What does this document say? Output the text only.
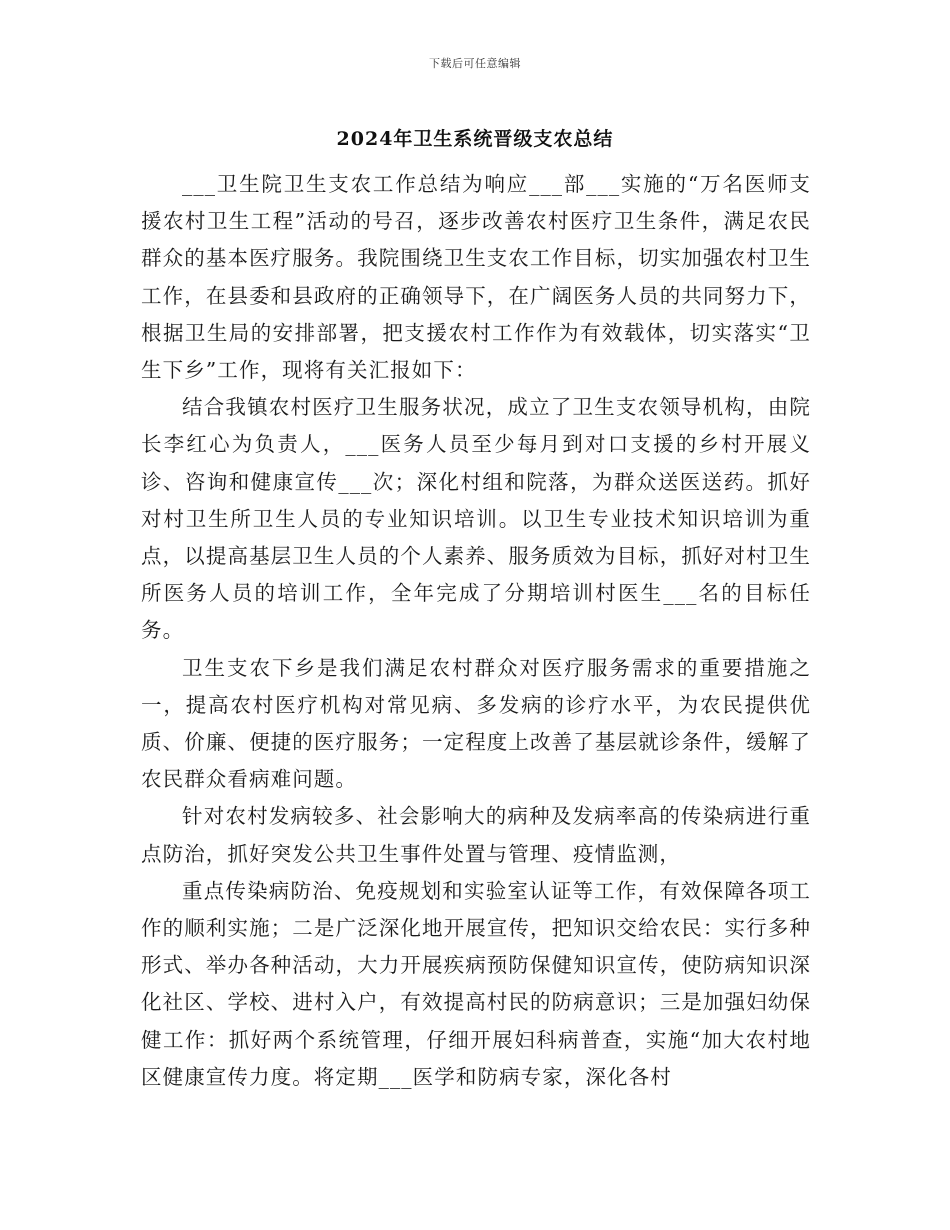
下载后可任意编辑
2024年卫生系统晋级支农总结

___卫生院卫生支农工作总结为响应___部___实施的“万名医师支援农村卫生工程”活动的号召，逐步改善农村医疗卫生条件，满足农民群众的基本医疗服务。我院围绕卫生支农工作目标，切实加强农村卫生工作，在县委和县政府的正确领导下，在广阔医务人员的共同努力下，根据卫生局的安排部署，把支援农村工作作为有效载体，切实落实“卫生下乡”工作，现将有关汇报如下：

结合我镇农村医疗卫生服务状况，成立了卫生支农领导机构，由院长李红心为负责人，___医务人员至少每月到对口支援的乡村开展义诊、咨询和健康宣传___次；深化村组和院落，为群众送医送药。抓好对村卫生所卫生人员的专业知识培训。以卫生专业技术知识培训为重点，以提高基层卫生人员的个人素养、服务质效为目标，抓好对村卫生所医务人员的培训工作，全年完成了分期培训村医生___名的目标任务。

卫生支农下乡是我们满足农村群众对医疗服务需求的重要措施之一，提高农村医疗机构对常见病、多发病的诊疗水平，为农民提供优质、价廉、便捷的医疗服务；一定程度上改善了基层就诊条件，缓解了农民群众看病难问题。

针对农村发病较多、社会影响大的病种及发病率高的传染病进行重点防治，抓好突发公共卫生事件处置与管理、疫情监测，

重点传染病防治、免疫规划和实验室认证等工作，有效保障各项工作的顺利实施；二是广泛深化地开展宣传，把知识交给农民：实行多种形式、举办各种活动，大力开展疾病预防保健知识宣传，使防病知识深化社区、学校、进村入户，有效提高村民的防病意识；三是加强妇幼保健工作：抓好两个系统管理，仔细开展妇科病普查，实施“加大农村地区健康宣传力度。将定期___医学和防病专家，深化各村
